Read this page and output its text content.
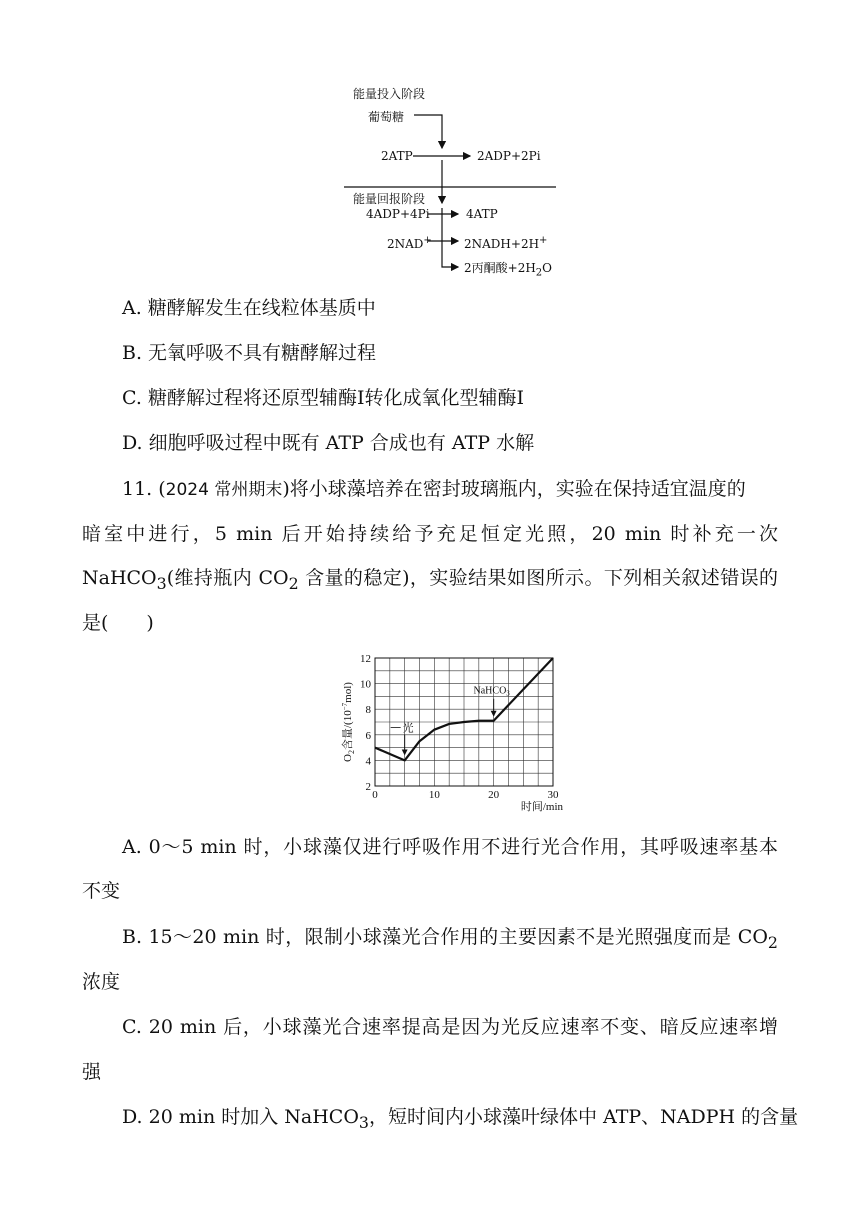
能量投入阶段
葡萄糖
2ATP	2ADP+2Pi
能量回报阶段
4ADP+4Pi	4ATP
2NAD+	2NADH+2H+
2丙酮酸$+2H_2O$
A. 糖酵解发生在线粒体基质中
B. 无氧呼吸不具有糖酵解过程
C. 糖酵解过程将还原型辅酶Ⅰ转化成氧化型辅酶Ⅰ
D. 细胞呼吸过程中既有 ATP 合成也有 ATP 水解
11. (2024 常州期末)将小球藻培养在密封玻璃瓶内，实验在保持适宜温度的
暗室中进行，5 min 后开始持续给予充足恒定光照，20 min 时补充一次
NaHCO$_3$(维持瓶内 $CO_2$ 含量的稳定)，实验结果如图所示。下列相关叙述错误的
是(　　)
2
4
6
8
10
12
0	10	20	30
时间/min
$O_2$含量$/(10^{-7}mol)$
光
NaHCO$_3$
A. 0～5 min 时，小球藻仅进行呼吸作用不进行光合作用，其呼吸速率基本
不变
B. 15～20 min 时，限制小球藻光合作用的主要因素不是光照强度而是 $CO_2$
浓度
C. 20 min 后，小球藻光合速率提高是因为光反应速率不变、暗反应速率增
强
D. 20 min 时加入 NaHCO$_3$，短时间内小球藻叶绿体中 ATP、NADPH 的含量
